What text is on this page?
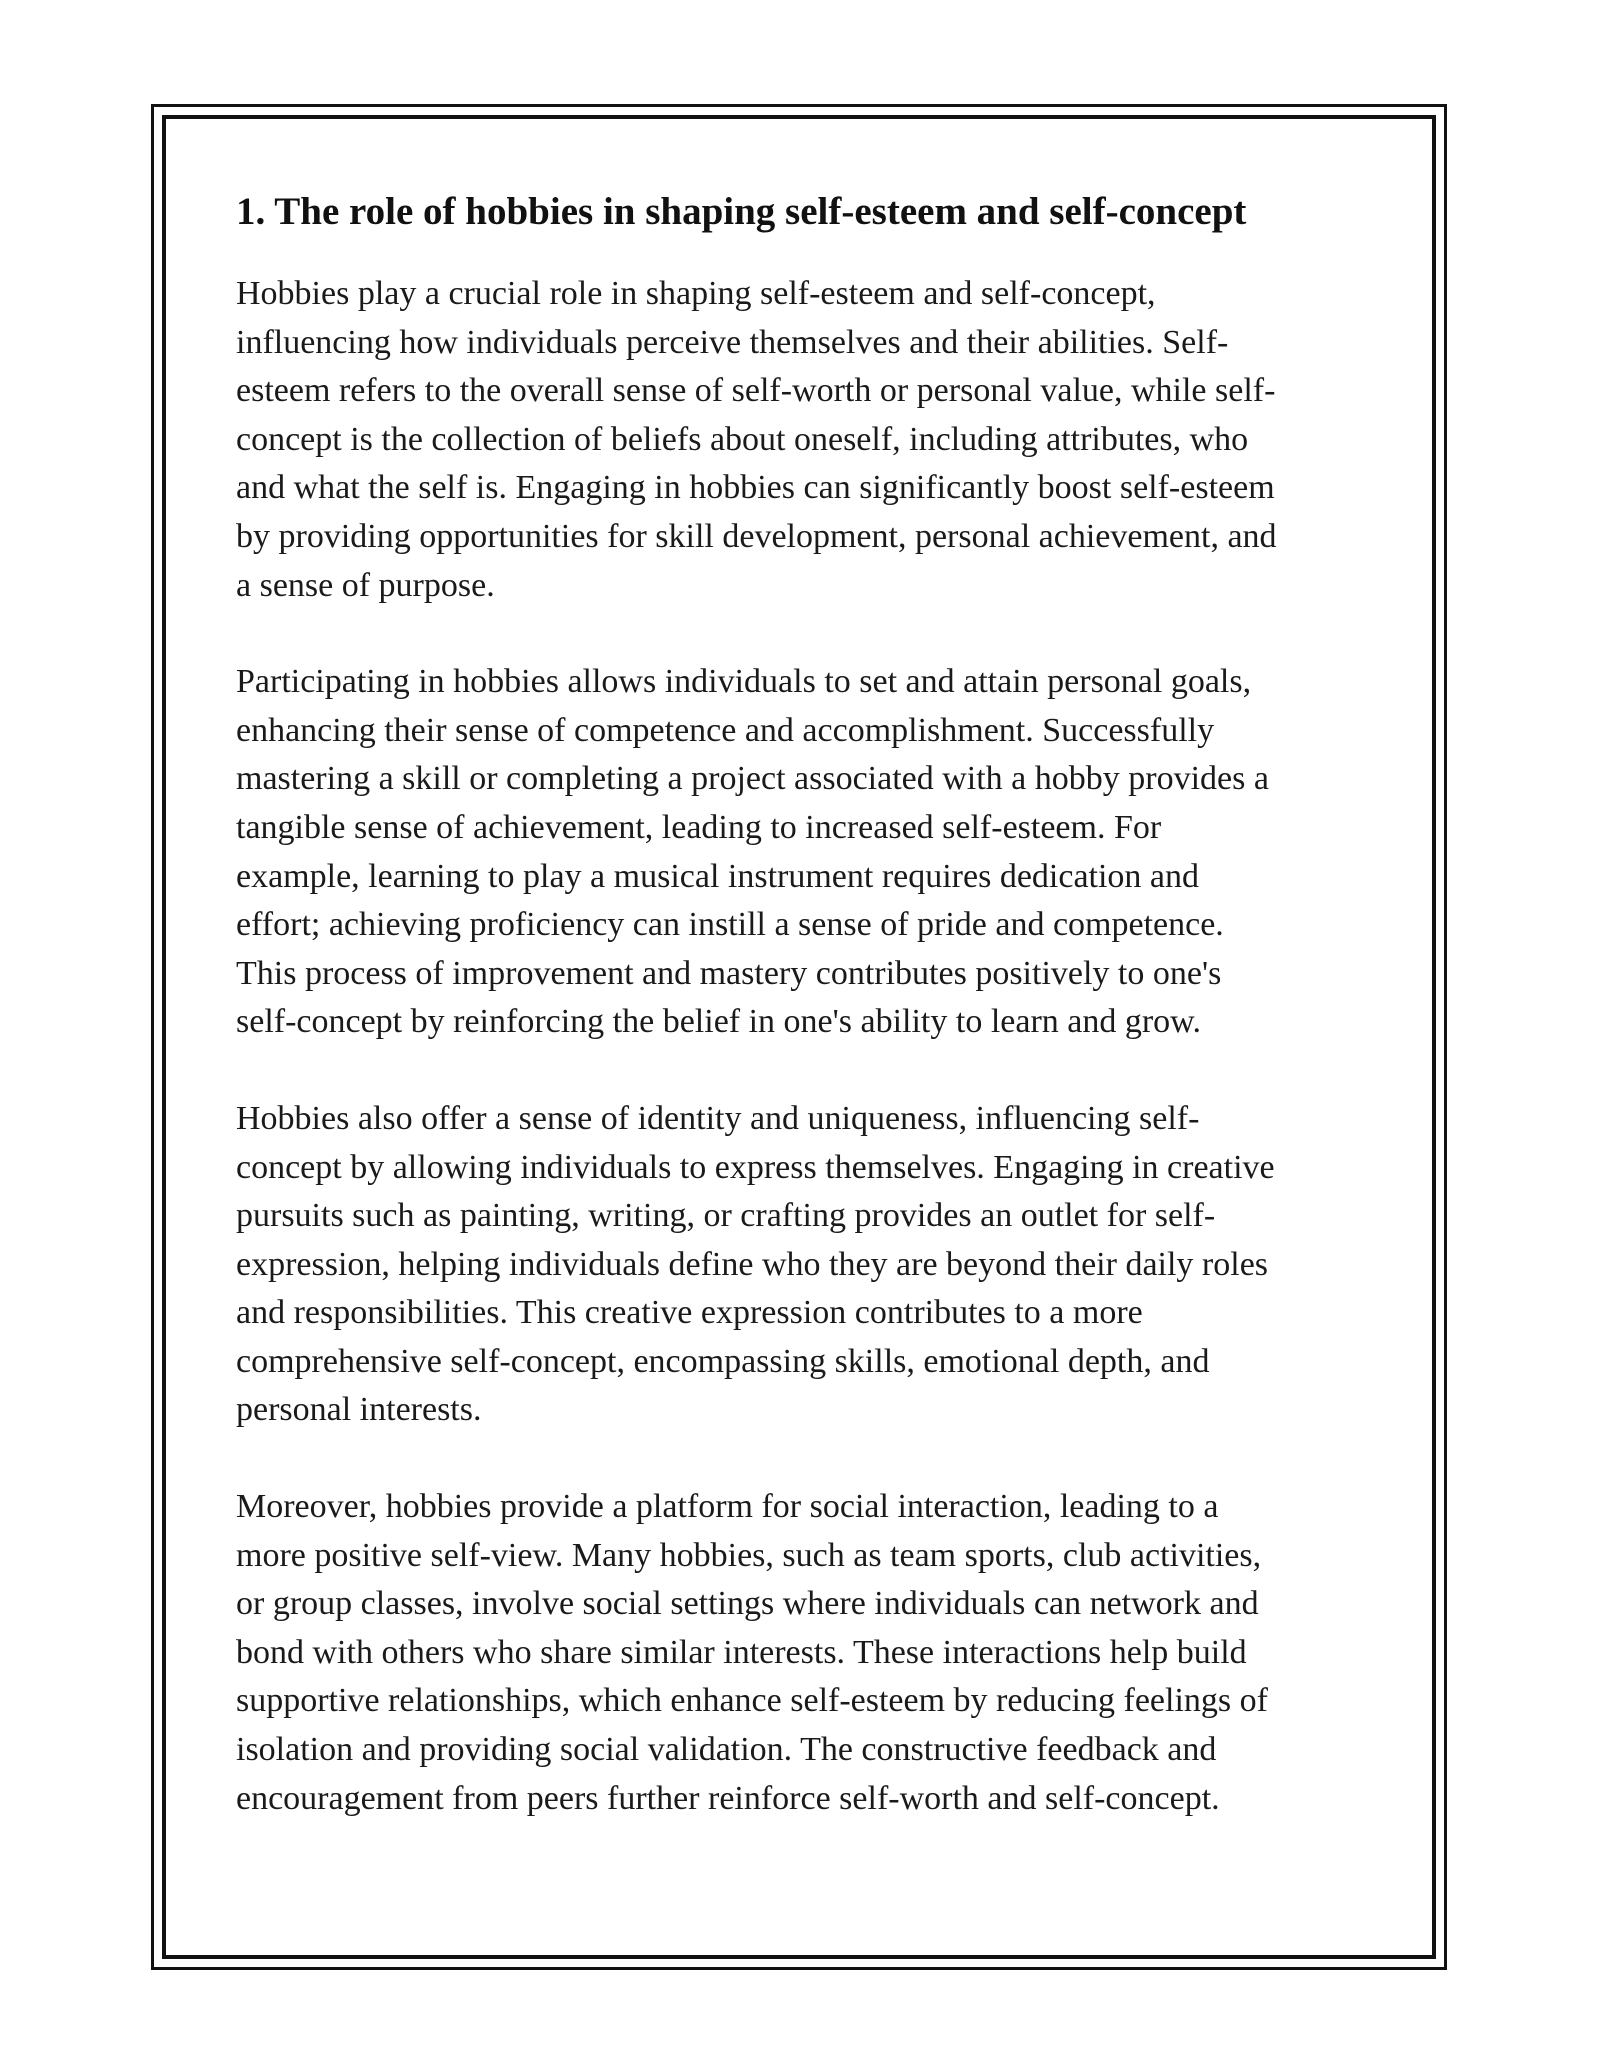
1. The role of hobbies in shaping self-esteem and self-concept

Hobbies play a crucial role in shaping self-esteem and self-concept,
influencing how individuals perceive themselves and their abilities. Self-
esteem refers to the overall sense of self-worth or personal value, while self-
concept is the collection of beliefs about oneself, including attributes, who
and what the self is. Engaging in hobbies can significantly boost self-esteem
by providing opportunities for skill development, personal achievement, and
a sense of purpose.

Participating in hobbies allows individuals to set and attain personal goals,
enhancing their sense of competence and accomplishment. Successfully
mastering a skill or completing a project associated with a hobby provides a
tangible sense of achievement, leading to increased self-esteem. For
example, learning to play a musical instrument requires dedication and
effort; achieving proficiency can instill a sense of pride and competence.
This process of improvement and mastery contributes positively to one's
self-concept by reinforcing the belief in one's ability to learn and grow.

Hobbies also offer a sense of identity and uniqueness, influencing self-
concept by allowing individuals to express themselves. Engaging in creative
pursuits such as painting, writing, or crafting provides an outlet for self-
expression, helping individuals define who they are beyond their daily roles
and responsibilities. This creative expression contributes to a more
comprehensive self-concept, encompassing skills, emotional depth, and
personal interests.

Moreover, hobbies provide a platform for social interaction, leading to a
more positive self-view. Many hobbies, such as team sports, club activities,
or group classes, involve social settings where individuals can network and
bond with others who share similar interests. These interactions help build
supportive relationships, which enhance self-esteem by reducing feelings of
isolation and providing social validation. The constructive feedback and
encouragement from peers further reinforce self-worth and self-concept.
